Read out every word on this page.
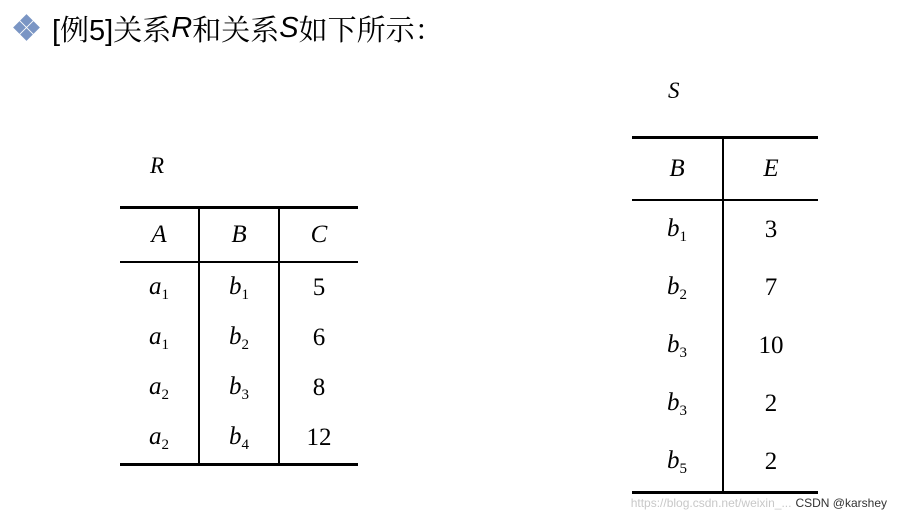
[例5]关系 R 和关系 S 如下所示：
R
A	B	C
$a_1$	$b_1$	5
$a_1$	$b_2$	6
$a_2$	$b_3$	8
$a_2$	$b_4$	12
S
B	E
$b_1$	3
$b_2$	7
$b_3$	10
$b_3$	2
$b_5$	2
https://blog.csdn.net/weixin_... CSDN @karshey
